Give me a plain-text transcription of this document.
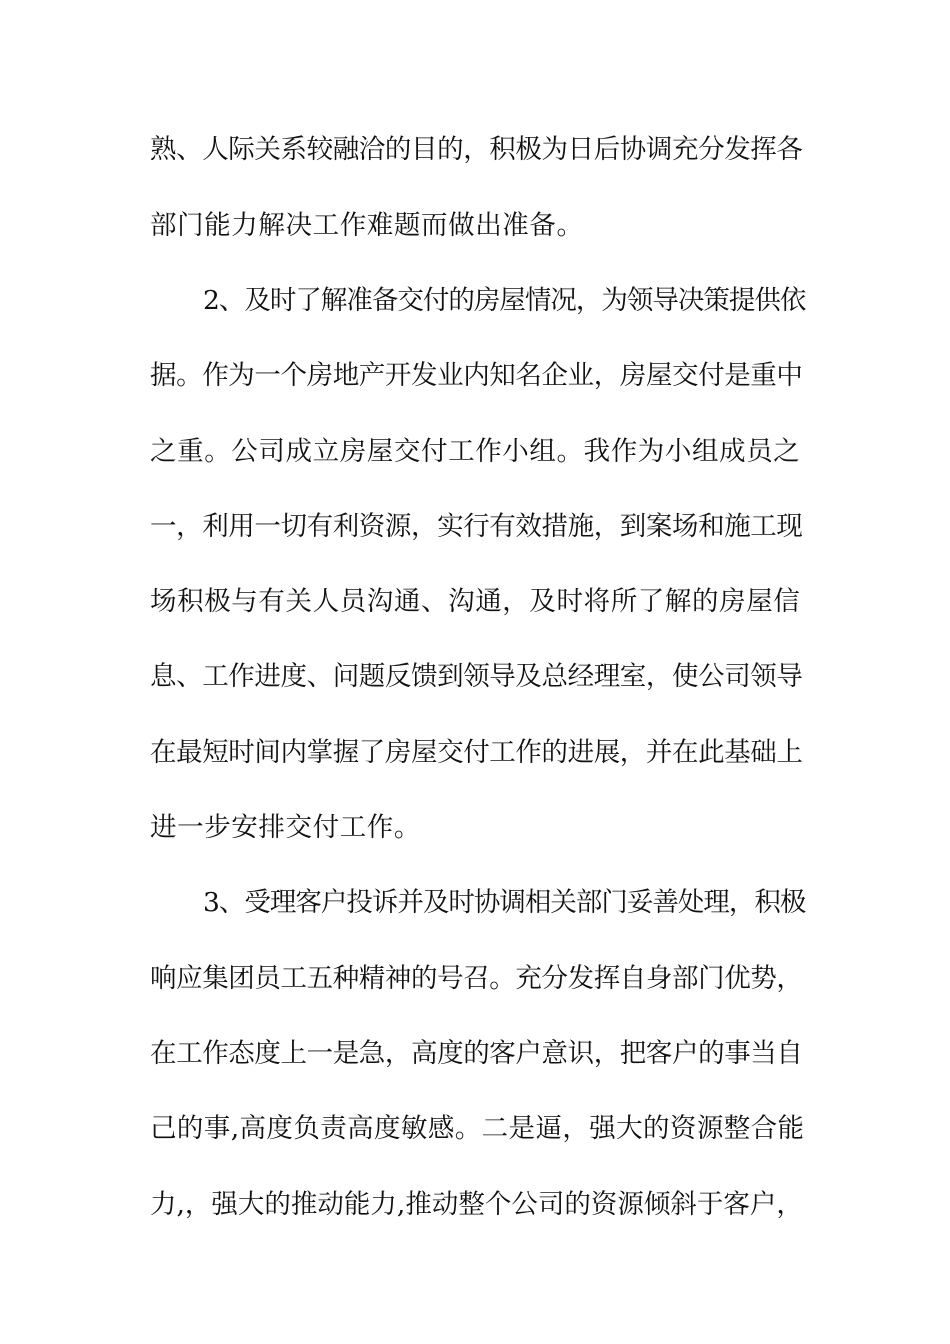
熟、人际关系较融洽的目的，积极为日后协调充分发挥各
部门能力解决工作难题而做出准备。
2、及时了解准备交付的房屋情况，为领导决策提供依
据。作为一个房地产开发业内知名企业，房屋交付是重中
之重。公司成立房屋交付工作小组。我作为小组成员之
一，利用一切有利资源，实行有效措施，到案场和施工现
场积极与有关人员沟通、沟通，及时将所了解的房屋信
息、工作进度、问题反馈到领导及总经理室，使公司领导
在最短时间内掌握了房屋交付工作的进展，并在此基础上
进一步安排交付工作。
3、受理客户投诉并及时协调相关部门妥善处理，积极
响应集团员工五种精神的号召。充分发挥自身部门优势，
在工作态度上一是急，高度的客户意识，把客户的事当自
己的事,高度负责高度敏感。二是逼，强大的资源整合能
力,，强大的推动能力,推动整个公司的资源倾斜于客户，
